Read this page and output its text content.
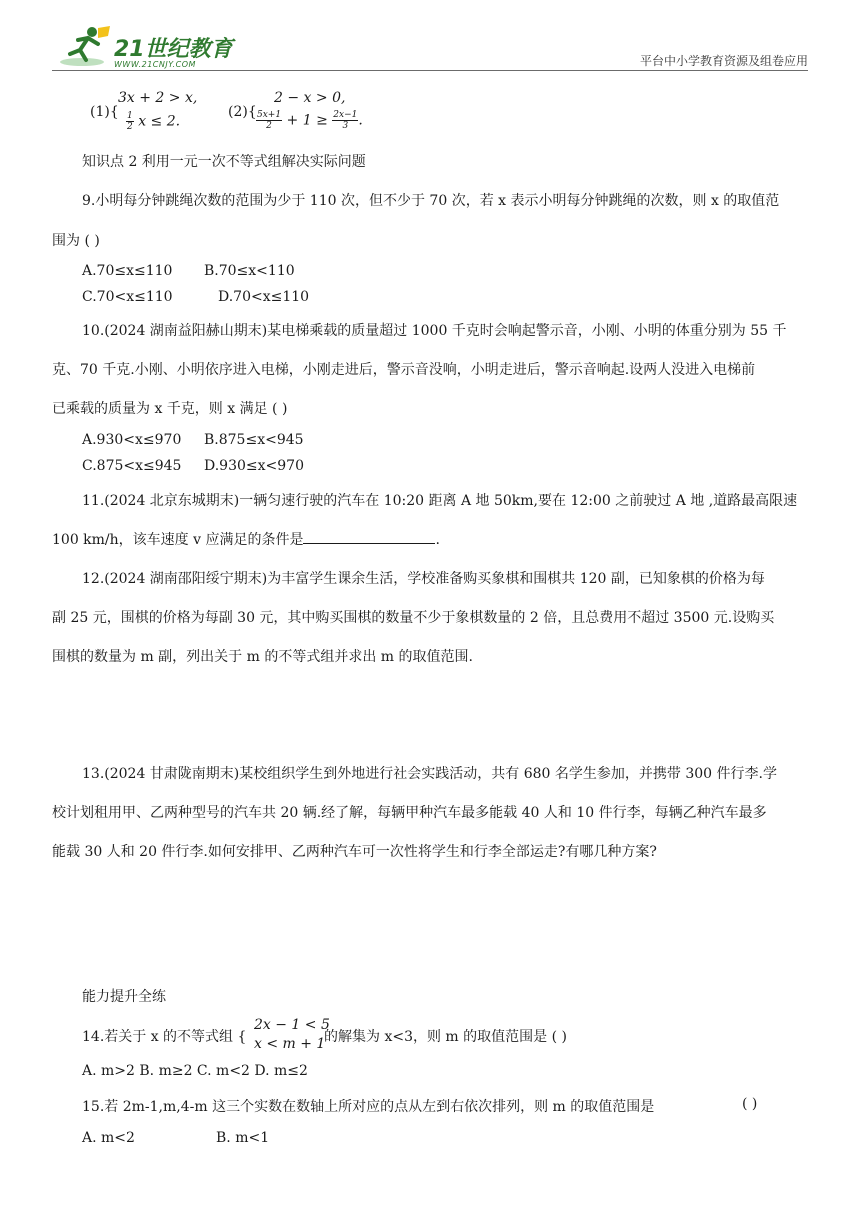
21世纪教育
WWW.21CNJY.COM	平台中小学教育资源及组卷应用
(1){
3x + 2 > x,
$\frac{1}{2}$ x ≤ 2.
(2){
2 − x > 0,
$\frac{5x+1}{2} + 1 \ge \frac{2x-1}{3}$ .
知识点 2 利用一元一次不等式组解决实际问题
9.小明每分钟跳绳次数的范围为少于 110 次，但不少于 70 次，若 x 表示小明每分钟跳绳的次数，则 x 的取值范
围为 ( )
A.70≤x≤110 B.70≤x<110
C.70<x≤110	D.70<x≤110
10.(2024 湖南益阳赫山期末)某电梯乘载的质量超过 1000 千克时会响起警示音，小刚、小明的体重分别为 55 千
克、70 千克.小刚、小明依序进入电梯，小刚走进后，警示音没响，小明走进后，警示音响起.设两人没进入电梯前
已乘载的质量为 x 千克，则 x 满足 ( )
A.930<x≤970 B.875≤x<945
C.875<x≤945 D.930≤x<970
11.(2024 北京东城期末)一辆匀速行驶的汽车在 10:20 距离 A 地 50km,要在 12:00 之前驶过 A 地 ,道路最高限速
100 km/h，该车速度 v 应满足的条件是	.
12.(2024 湖南邵阳绥宁期末)为丰富学生课余生活，学校准备购买象棋和围棋共 120 副，已知象棋的价格为每
副 25 元，围棋的价格为每副 30 元，其中购买围棋的数量不少于象棋数量的 2 倍，且总费用不超过 3500 元.设购买
围棋的数量为 m 副，列出关于 m 的不等式组并求出 m 的取值范围.
13.(2024 甘肃陇南期末)某校组织学生到外地进行社会实践活动，共有 680 名学生参加，并携带 300 件行李.学
校计划租用甲、乙两种型号的汽车共 20 辆.经了解，每辆甲种汽车最多能载 40 人和 10 件行李，每辆乙种汽车最多
能载 30 人和 20 件行李.如何安排甲、乙两种汽车可一次性将学生和行李全部运走?有哪几种方案?
能力提升全练
14.若关于 x 的不等式组 {
2x − 1 < 5
x < m + 1
的解集为 x<3，则 m 的取值范围是 ( )
A. m>2 B. m≥2 C. m<2 D. m≤2
15.若 2m-1,m,4-m 这三个实数在数轴上所对应的点从左到右依次排列，则 m 的取值范围是	( )
A. m<2	B. m<1
